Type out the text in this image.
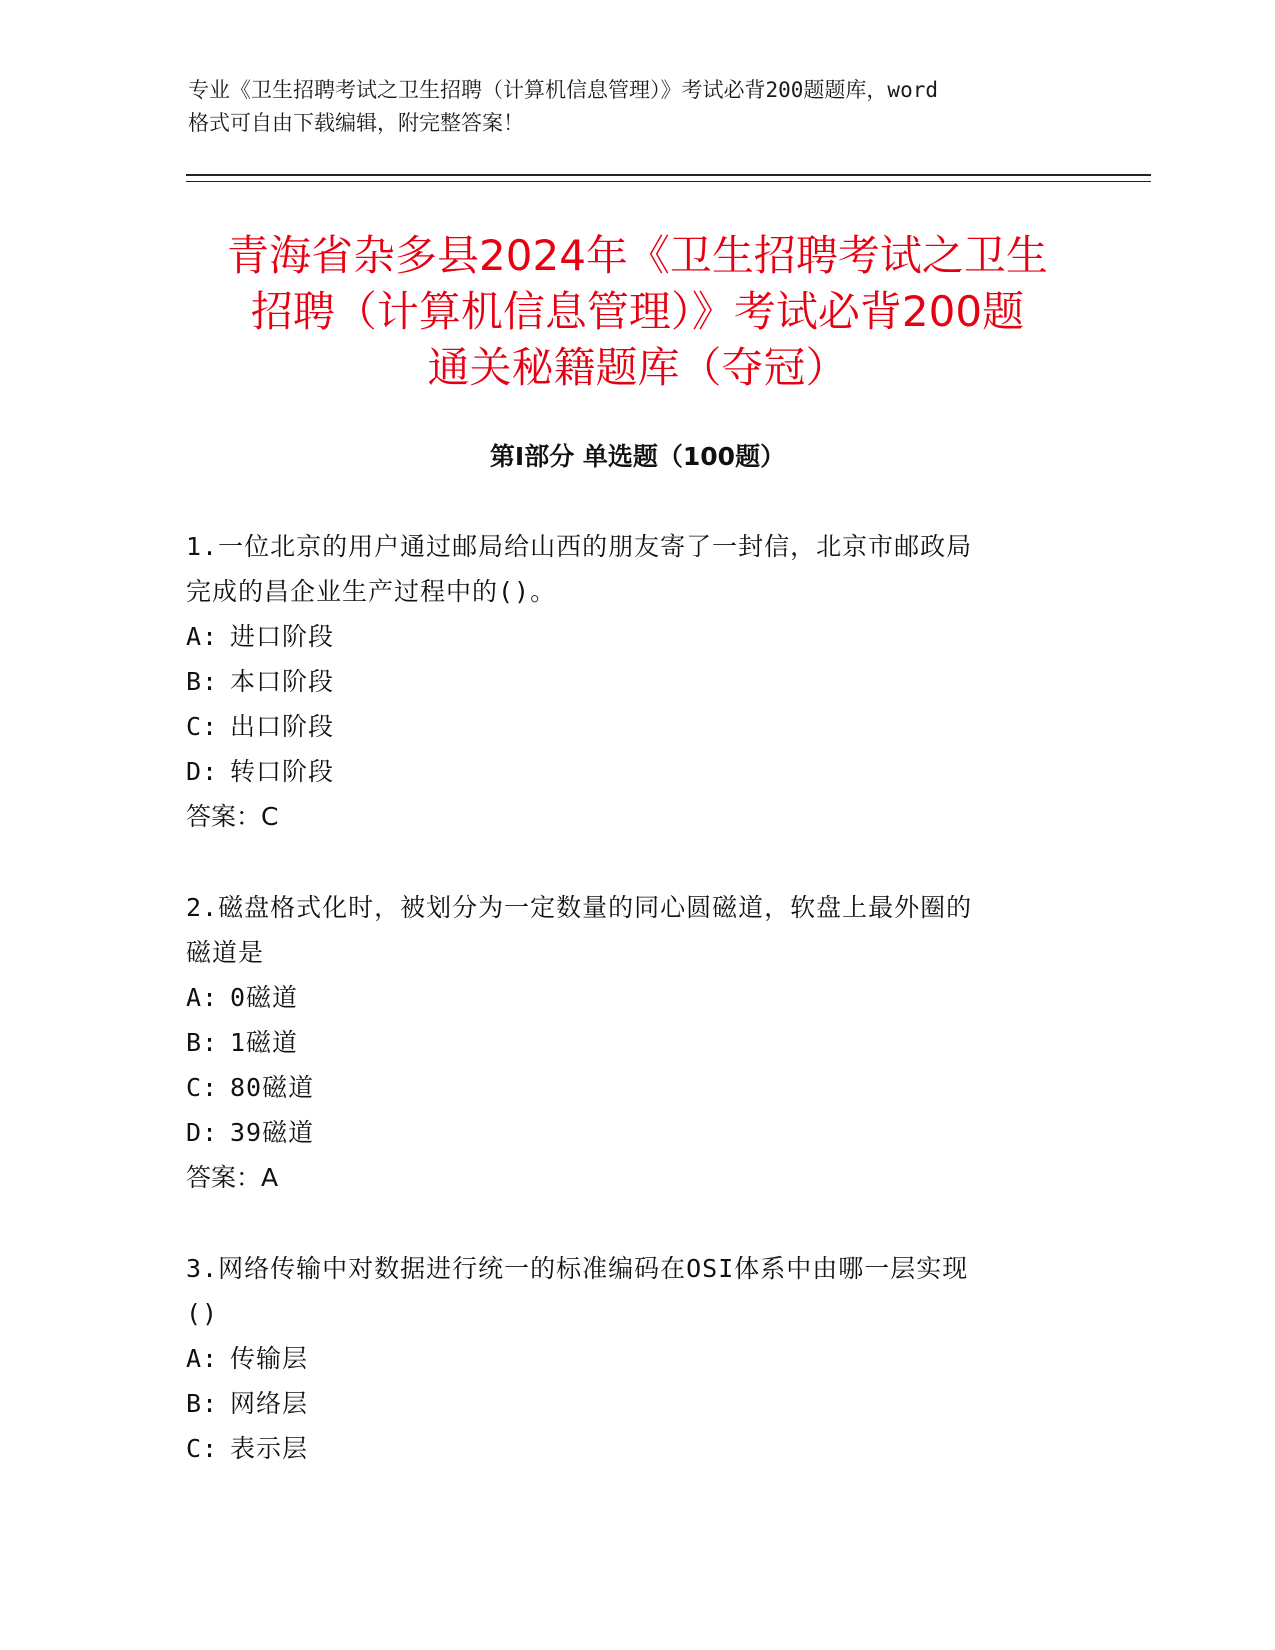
专业《卫生招聘考试之卫生招聘（计算机信息管理）》考试必背200题题库，word
格式可自由下载编辑，附完整答案！
青海省杂多县2024年《卫生招聘考试之卫生
招聘（计算机信息管理）》考试必背200题
通关秘籍题库（夺冠）
第Ⅰ部分 单选题（100题）

1.一位北京的用户通过邮局给山西的朋友寄了一封信，北京市邮政局

完成的昌企业生产过程中的()。

A: 进口阶段

B: 本口阶段

C: 出口阶段

D: 转口阶段

答案：C

2.磁盘格式化时，被划分为一定数量的同心圆磁道，软盘上最外圈的

磁道是

A: 0磁道

B: 1磁道

C: 80磁道

D: 39磁道

答案：A

3.网络传输中对数据进行统一的标准编码在OSI体系中由哪一层实现

()

A: 传输层

B: 网络层

C: 表示层
